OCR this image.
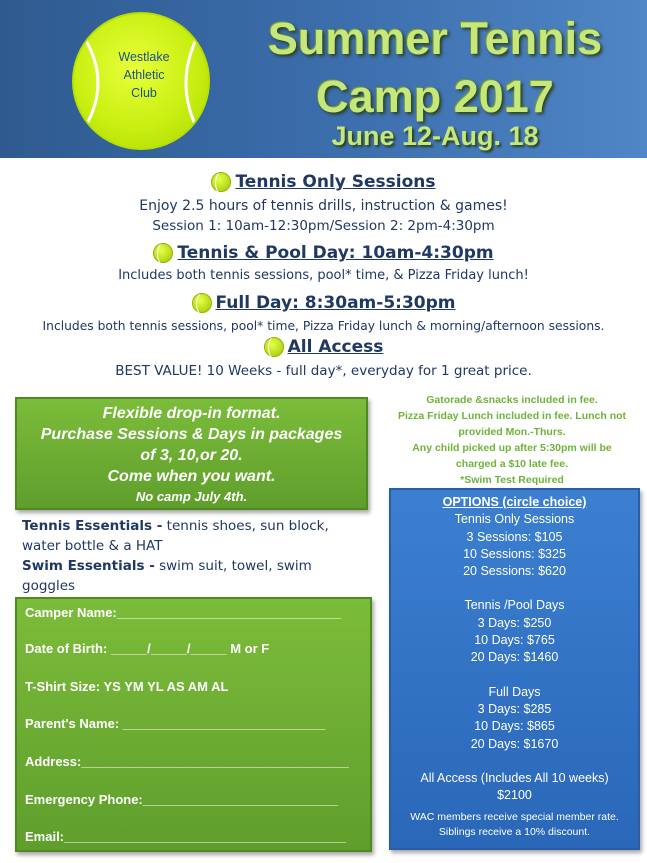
Westlake
Athletic
Club
Summer Tennis
Camp 2017
June 12-Aug. 18
Tennis Only Sessions
Enjoy 2.5 hours of tennis drills, instruction & games!
Session 1: 10am-12:30pm/Session 2: 2pm-4:30pm
Tennis & Pool Day: 10am-4:30pm
Includes both tennis sessions, pool* time, & Pizza Friday lunch!
Full Day: 8:30am-5:30pm
Includes both tennis sessions, pool* time, Pizza Friday lunch & morning/afternoon sessions.
All Access
BEST VALUE! 10 Weeks - full day*, everyday for 1 great price.
Flexible drop-in format.
Purchase Sessions & Days in packages
of 3, 10,or 20.
Come when you want.
No camp July 4th.
Tennis Essentials - tennis shoes, sun block, water bottle & a HAT
Swim Essentials - swim suit, towel, swim goggles
Camper Name:_______________________________
Date of Birth: _____/_____/_____ M or F
T-Shirt Size: YS YM YL AS AM AL
Parent's Name: ____________________________
Address:_____________________________________
Emergency Phone:___________________________
Email:_______________________________________
Gatorade &snacks included in fee.
Pizza Friday Lunch included in fee. Lunch not
provided Mon.-Thurs.
Any child picked up after 5:30pm will be
charged a $10 late fee.
*Swim Test Required
OPTIONS (circle choice)
Tennis Only Sessions
3 Sessions: $105
10 Sessions: $325
20 Sessions: $620
Tennis /Pool Days
3 Days: $250
10 Days: $765
20 Days: $1460
Full Days
3 Days: $285
10 Days: $865
20 Days: $1670
All Access (Includes All 10 weeks)
$2100
WAC members receive special member rate.
Siblings receive a 10% discount.
